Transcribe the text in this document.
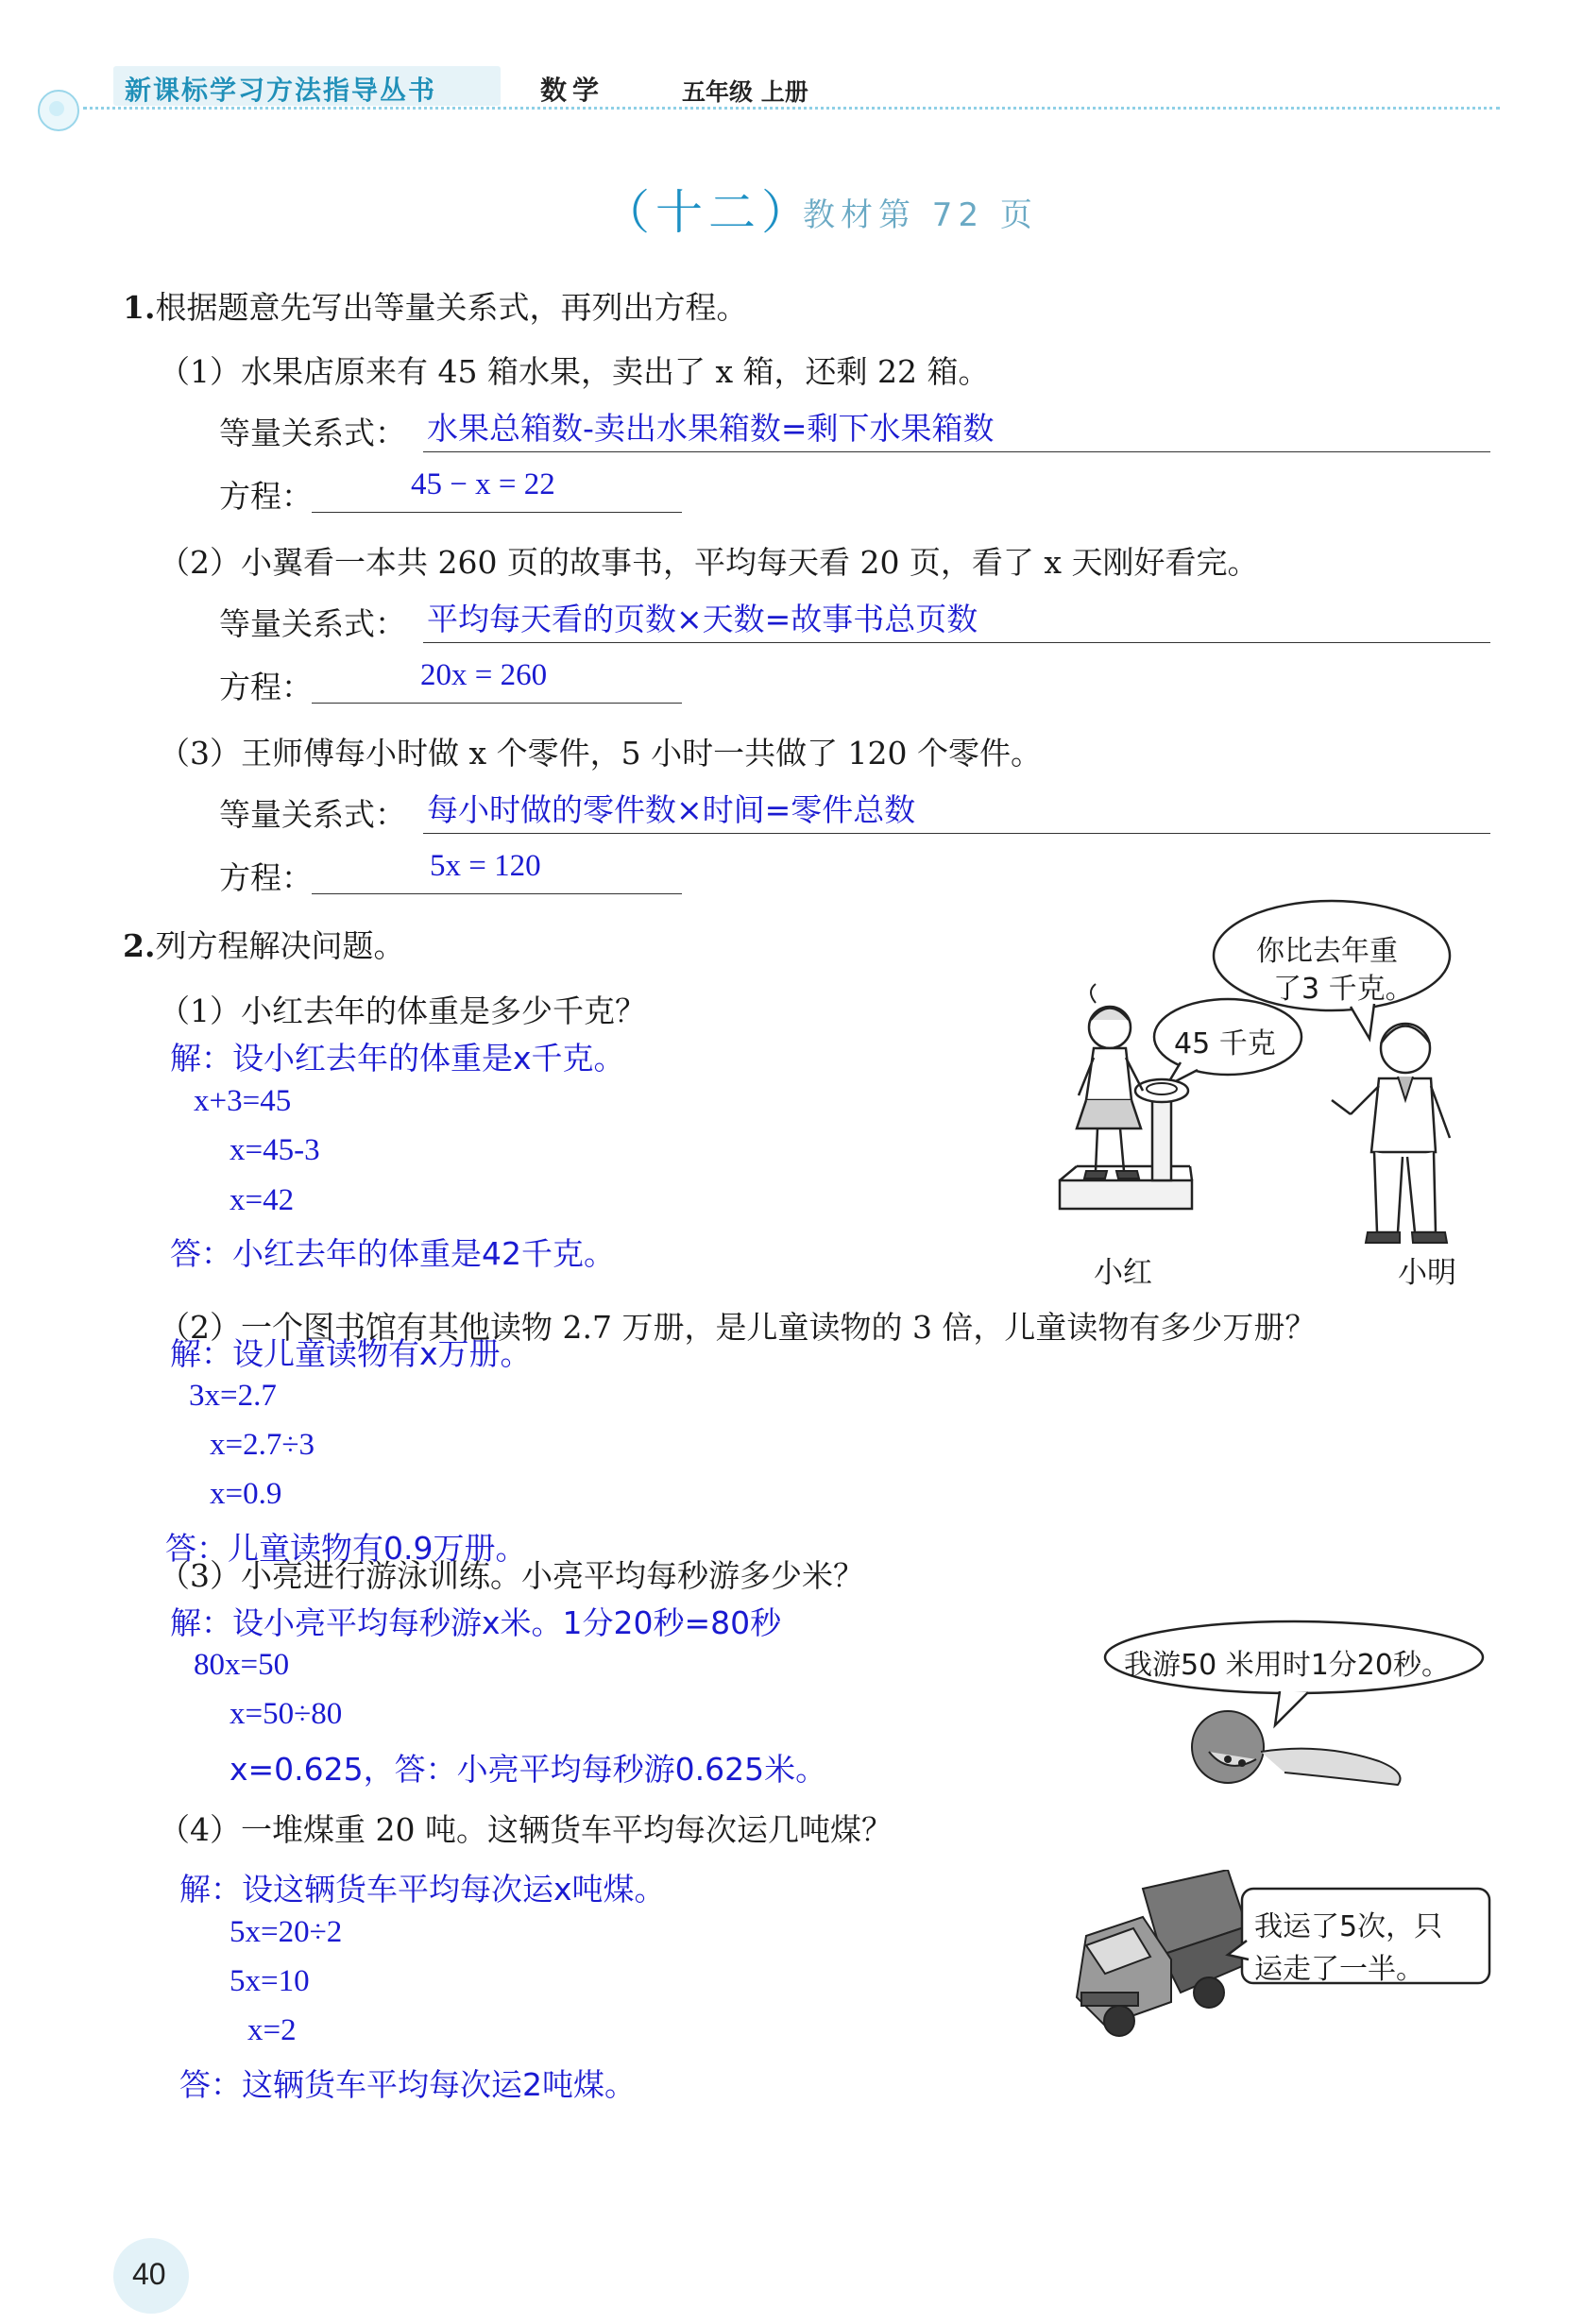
新课标学习方法指导丛书	数学	五年级 上册
（十二）
教材第 72 页
1.根据题意先写出等量关系式，再列出方程。
（1）水果店原来有 45 箱水果，卖出了 x 箱，还剩 22 箱。
等量关系式： 水果总箱数-卖出水果箱数=剩下水果箱数
方程：	45 − x = 22
（2）小翼看一本共 260 页的故事书，平均每天看 20 页，看了 x 天刚好看完。
等量关系式： 平均每天看的页数×天数=故事书总页数
方程：	20x = 260
（3）王师傅每小时做 x 个零件，5 小时一共做了 120 个零件。
等量关系式： 每小时做的零件数×时间=零件总数
方程：	5x = 120
2.列方程解决问题。
（1）小红去年的体重是多少千克？
解：设小红去年的体重是x千克。
x+3=45
x=45-3
x=42
答：小红去年的体重是42千克。
你比去年重
了3 千克。
45 千克
小红	小明
（2）一个图书馆有其他读物 2.7 万册，是儿童读物的 3 倍，儿童读物有多少万册？
解：设儿童读物有x万册。
3x=2.7
x=2.7÷3
x=0.9
答：儿童读物有0.9万册。
（3）小亮进行游泳训练。小亮平均每秒游多少米？
解：设小亮平均每秒游x米。1分20秒=80秒
80x=50
x=50÷80
x=0.625，答：小亮平均每秒游0.625米。
我游50 米用时1分20秒。
（4）一堆煤重 20 吨。这辆货车平均每次运几吨煤？
解：设这辆货车平均每次运x吨煤。
5x=20÷2
5x=10
x=2
答：这辆货车平均每次运2吨煤。
我运了5次，只
运走了一半。
40
